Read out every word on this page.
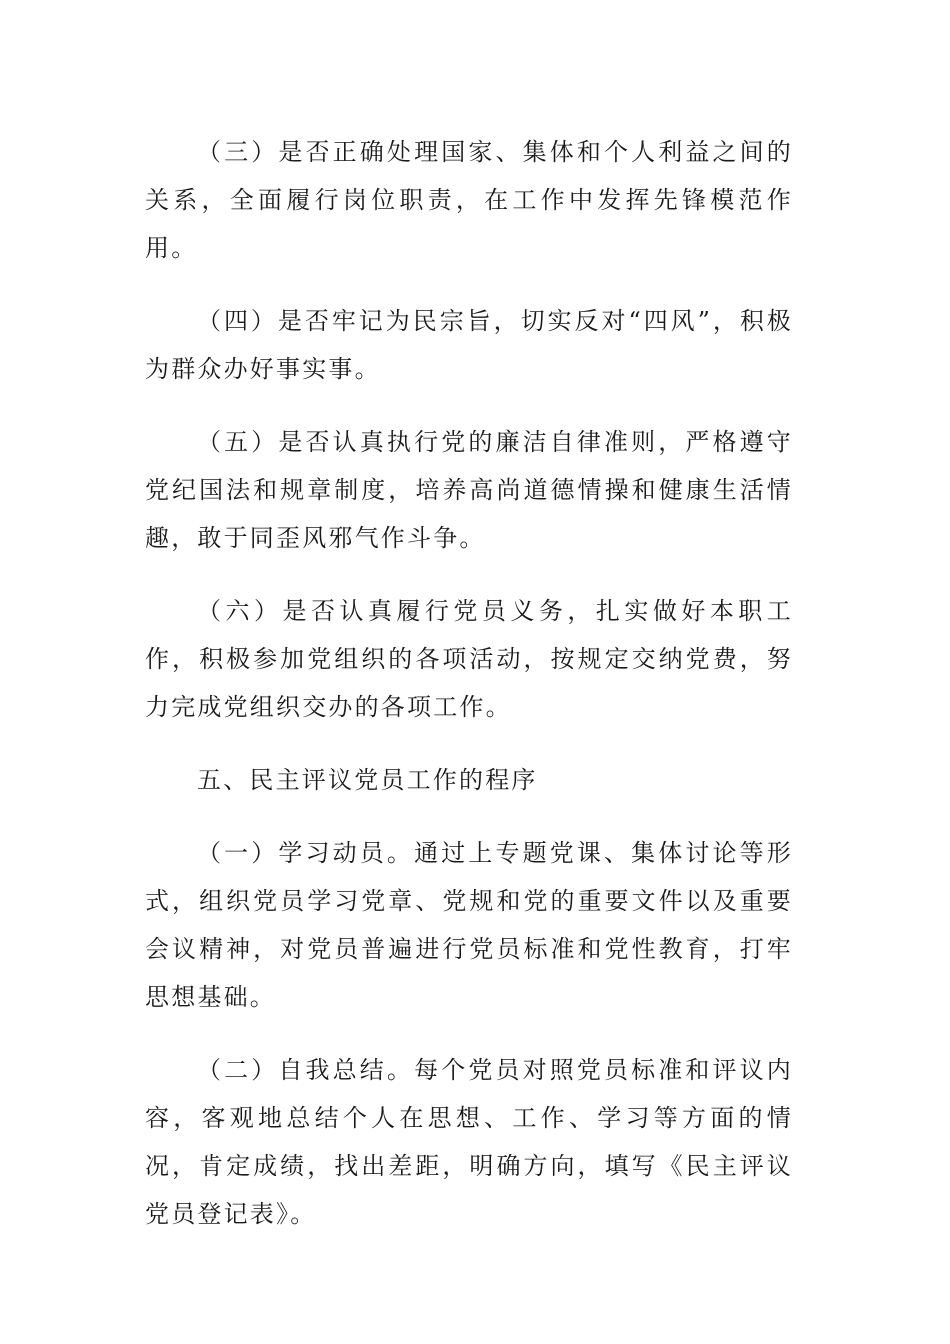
（三）是否正确处理国家、集体和个人利益之间的关系，全面履行岗位职责，在工作中发挥先锋模范作用。

（四）是否牢记为民宗旨，切实反对“四风”，积极为群众办好事实事。

（五）是否认真执行党的廉洁自律准则，严格遵守党纪国法和规章制度，培养高尚道德情操和健康生活情趣，敢于同歪风邪气作斗争。

（六）是否认真履行党员义务，扎实做好本职工作，积极参加党组织的各项活动，按规定交纳党费，努力完成党组织交办的各项工作。

五、民主评议党员工作的程序

（一）学习动员。通过上专题党课、集体讨论等形式，组织党员学习党章、党规和党的重要文件以及重要会议精神，对党员普遍进行党员标准和党性教育，打牢思想基础。

（二）自我总结。每个党员对照党员标准和评议内容，客观地总结个人在思想、工作、学习等方面的情况，肯定成绩，找出差距，明确方向，填写《民主评议党员登记表》。
